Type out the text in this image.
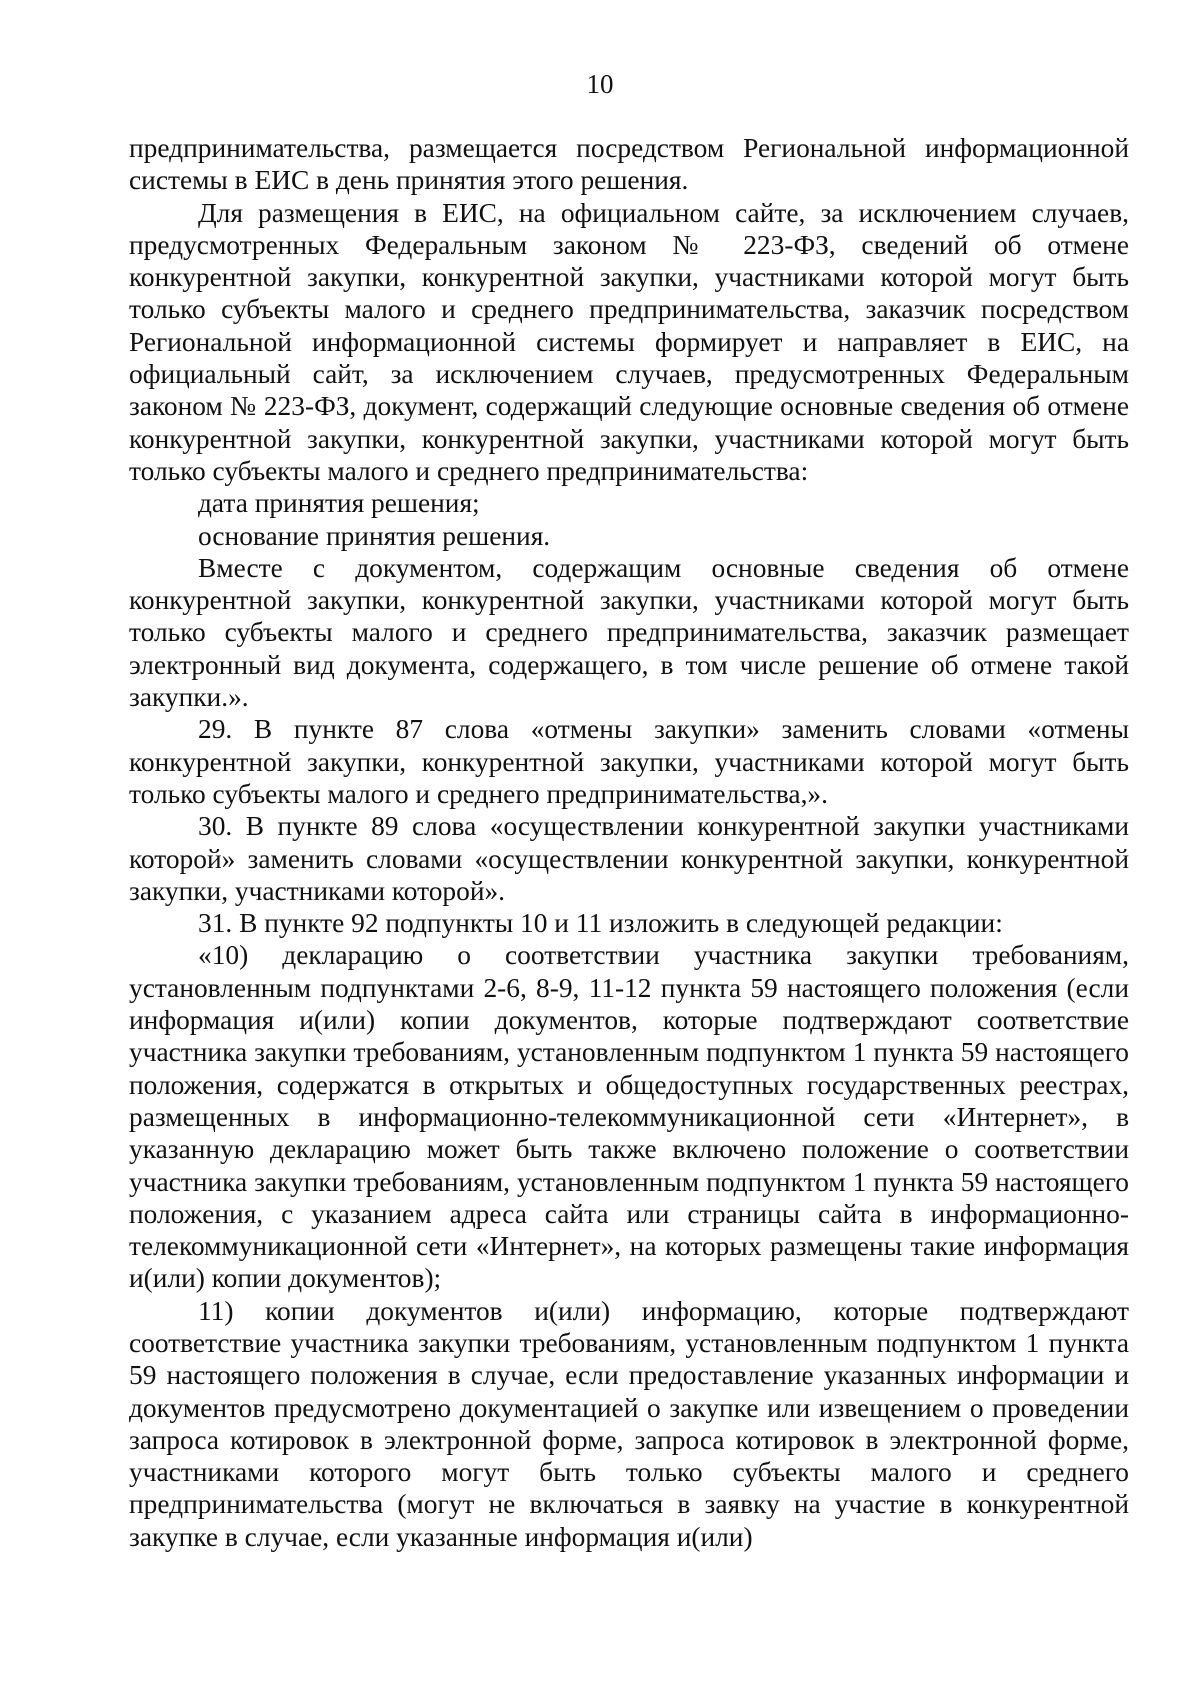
10

предпринимательства, размещается посредством Региональной информационной системы в ЕИС в день принятия этого решения.

Для размещения в ЕИС, на официальном сайте, за исключением случаев, предусмотренных Федеральным законом № 223-ФЗ, сведений об отмене конкурентной закупки, конкурентной закупки, участниками которой могут быть только субъекты малого и среднего предпринимательства, заказчик посредством Региональной информационной системы формирует и направляет в ЕИС, на официальный сайт, за исключением случаев, предусмотренных Федеральным законом № 223-ФЗ, документ, содержащий следующие основные сведения об отмене конкурентной закупки, конкурентной закупки, участниками которой могут быть только субъекты малого и среднего предпринимательства:

дата принятия решения;

основание принятия решения.

Вместе с документом, содержащим основные сведения об отмене конкурентной закупки, конкурентной закупки, участниками которой могут быть только субъекты малого и среднего предпринимательства, заказчик размещает электронный вид документа, содержащего, в том числе решение об отмене такой закупки.».

29. В пункте 87 слова «отмены закупки» заменить словами «отмены конкурентной закупки, конкурентной закупки, участниками которой могут быть только субъекты малого и среднего предпринимательства,».

30. В пункте 89 слова «осуществлении конкурентной закупки участниками которой» заменить словами «осуществлении конкурентной закупки, конкурентной закупки, участниками которой».

31. В пункте 92 подпункты 10 и 11 изложить в следующей редакции:

«10) декларацию о соответствии участника закупки требованиям, установленным подпунктами 2-6, 8-9, 11-12 пункта 59 настоящего положения (если информация и(или) копии документов, которые подтверждают соответствие участника закупки требованиям, установленным подпунктом 1 пункта 59 настоящего положения, содержатся в открытых и общедоступных государственных реестрах, размещенных в информационно-телекоммуникационной сети «Интернет», в указанную декларацию может быть также включено положение о соответствии участника закупки требованиям, установленным подпунктом 1 пункта 59 настоящего положения, с указанием адреса сайта или страницы сайта в информационно-телекоммуникационной сети «Интернет», на которых размещены такие информация и(или) копии документов);

11) копии документов и(или) информацию, которые подтверждают соответствие участника закупки требованиям, установленным подпунктом 1 пункта 59 настоящего положения в случае, если предоставление указанных информации и документов предусмотрено документацией о закупке или извещением о проведении запроса котировок в электронной форме, запроса котировок в электронной форме, участниками которого могут быть только субъекты малого и среднего предпринимательства (могут не включаться в заявку на участие в конкурентной закупке в случае, если указанные информация и(или)
